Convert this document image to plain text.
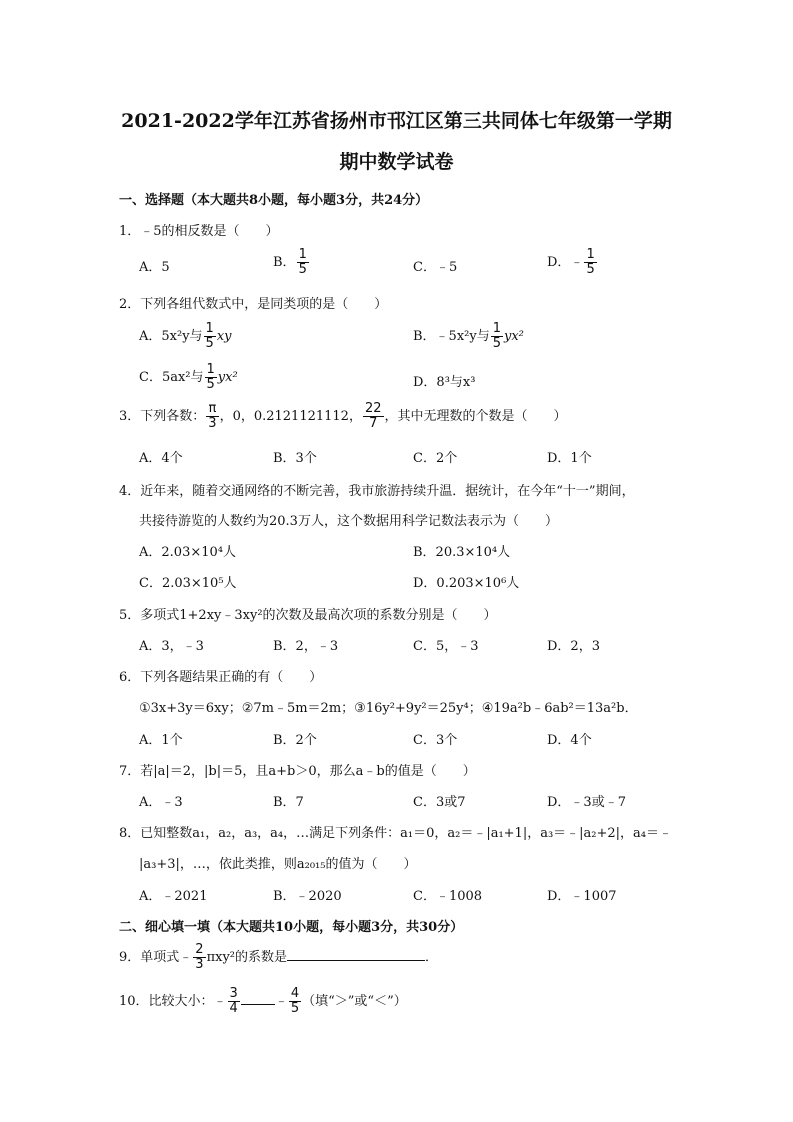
2021-2022学年江苏省扬州市邗江区第三共同体七年级第一学期
期中数学试卷
一、选择题（本大题共8小题，每小题3分，共24分）
1．﹣5的相反数是（　　）
A．5	B． $\frac{1}{5}$	C．﹣5	D．﹣ $\frac{1}{5}$
2．下列各组代数式中，是同类项的是（　　）
A．5x²y与 $\frac{1}{5}$ xy	B．﹣5x²y与 $\frac{1}{5} yx^2$
C．5ax²与 $\frac{1}{5} yx^2$	D．8³与x³
3．下列各数： $\frac{\pi}{3}$ ，0，0.2121121112， $\frac{22}{7}$ ，其中无理数的个数是（　　）
A．4个	B．3个	C．2个	D．1个
4．近年来，随着交通网络的不断完善，我市旅游持续升温．据统计，在今年“十一”期间，
共接待游览的人数约为20.3万人，这个数据用科学记数法表示为（　　）
A．2.03×10⁴人	B．20.3×10⁴人
C．2.03×10⁵人	D．0.203×10⁶人
5．多项式1+2xy﹣3xy²的次数及最高次项的系数分别是（　　）
A．3，﹣3	B．2，﹣3	C．5，﹣3	D．2，3
6．下列各题结果正确的有（　　）
①3x+3y＝6xy；②7m﹣5m＝2m；③16y²+9y²＝25y⁴；④19a²b﹣6ab²＝13a²b．
A．1个	B．2个	C．3个	D．4个
7．若|a|＝2，|b|＝5，且a+b＞0，那么a﹣b的值是（　　）
A．﹣3	B．7	C．3或7	D．﹣3或﹣7
8．已知整数a₁，a₂，a₃，a₄，…满足下列条件：a₁＝0，a₂＝﹣|a₁+1|，a₃＝﹣|a₂+2|，a₄＝﹣
|a₃+3|，…，依此类推，则a₂₀₁₅的值为（　　）
A．﹣2021	B．﹣2020	C．﹣1008	D．﹣1007
二、细心填一填（本大题共10小题，每小题3分，共30分）
9．单项式﹣ $\frac{2}{3} \pi xy^2$的系数是	．
10．比较大小：﹣ $\frac{3}{4}$	﹣ $\frac{4}{5}$ （填“＞”或“＜”）
